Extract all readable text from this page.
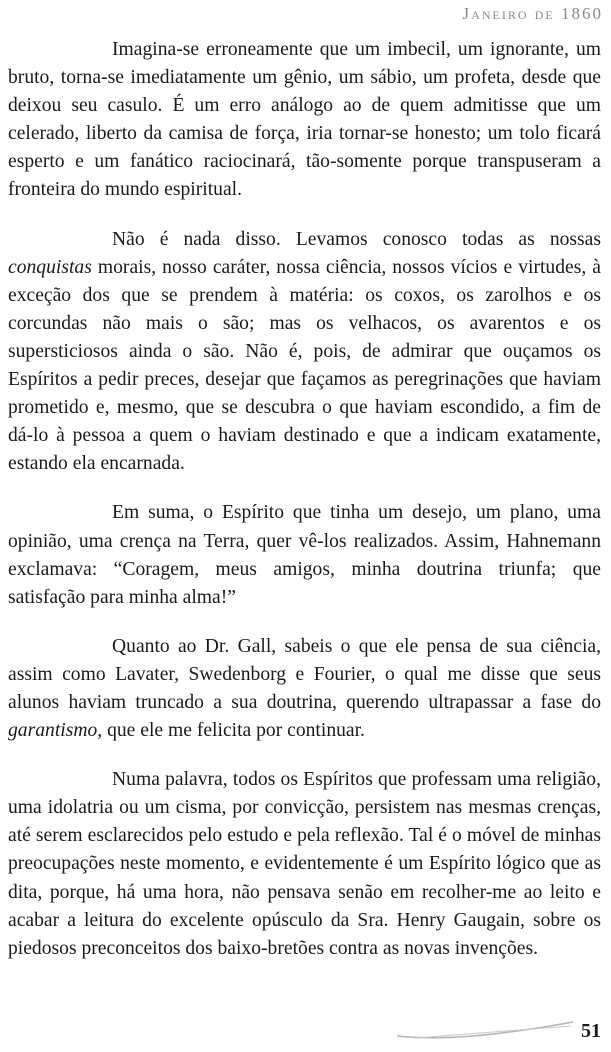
Janeiro de 1860

Imagina-se erroneamente que um imbecil, um ignorante, um bruto, torna-se imediatamente um gênio, um sábio, um profeta, desde que deixou seu casulo. É um erro análogo ao de quem admitisse que um celerado, liberto da camisa de força, iria tornar-se honesto; um tolo ficará esperto e um fanático raciocinará, tão-somente porque transpuseram a fronteira do mundo espiritual.

Não é nada disso. Levamos conosco todas as nossas conquistas morais, nosso caráter, nossa ciência, nossos vícios e virtudes, à exceção dos que se prendem à matéria: os coxos, os zarolhos e os corcundas não mais o são; mas os velhacos, os avarentos e os supersticiosos ainda o são. Não é, pois, de admirar que ouçamos os Espíritos a pedir preces, desejar que façamos as peregrinações que haviam prometido e, mesmo, que se descubra o que haviam escondido, a fim de dá-lo à pessoa a quem o haviam destinado e que a indicam exatamente, estando ela encarnada.

Em suma, o Espírito que tinha um desejo, um plano, uma opinião, uma crença na Terra, quer vê-los realizados. Assim, Hahnemann exclamava: “Coragem, meus amigos, minha doutrina triunfa; que satisfação para minha alma!”

Quanto ao Dr. Gall, sabeis o que ele pensa de sua ciência, assim como Lavater, Swedenborg e Fourier, o qual me disse que seus alunos haviam truncado a sua doutrina, querendo ultrapassar a fase do garantismo, que ele me felicita por continuar.

Numa palavra, todos os Espíritos que professam uma religião, uma idolatria ou um cisma, por convicção, persistem nas mesmas crenças, até serem esclarecidos pelo estudo e pela reflexão. Tal é o móvel de minhas preocupações neste momento, e evidentemente é um Espírito lógico que as dita, porque, há uma hora, não pensava senão em recolher-me ao leito e acabar a leitura do excelente opúsculo da Sra. Henry Gaugain, sobre os piedosos preconceitos dos baixo-bretões contra as novas invenções.

51
